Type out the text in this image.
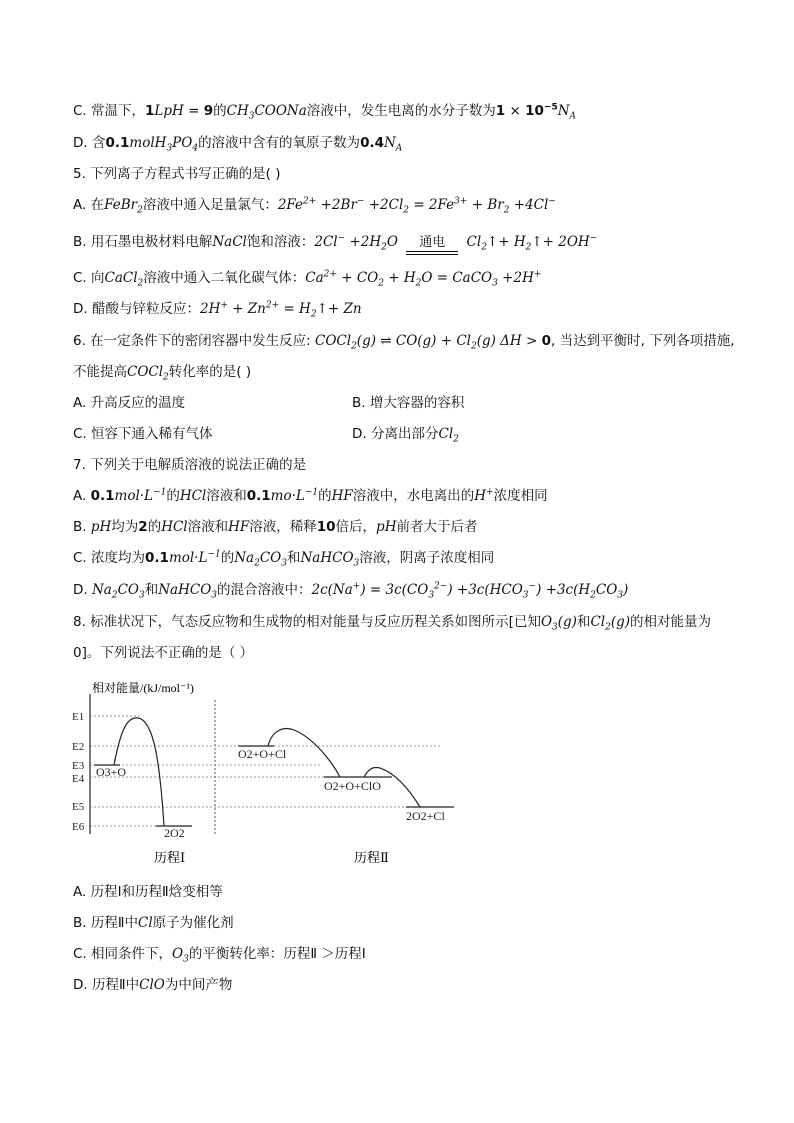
C. 常温下，1LpH = 9的$CH_3COONa$溶液中，发生电离的水分子数为$1 \times 10^{-5}N_A$
D. 含$0.1molH_3PO_4$的溶液中含有的氧原子数为$0.4N_A$
5. 下列离子方程式书写正确的是( )
A. 在FeBr$_2$溶液中通入足量氯气：$2Fe^{2+} +2Br^- +2Cl_2 = 2Fe^{3+} + Br_2 +4Cl^-$
B. 用石墨电极材料电解NaCl饱和溶液：$2Cl^- +2H_2O$	通电	$Cl_2↑+$ $H_2↑+ 2OH^-$
C. 向CaCl$_2$溶液中通入二氧化碳气体：$Ca^{2+} + CO_2 + H_2O$ = CaCO$_3$ +2H+
D. 醋酸与锌粒反应：$2H^+ + Zn^{2+}$ = $H_2↑+ Zn$
6. 在一定条件下的密闭容器中发生反应: COCl$_2$(g) ⇌ $CO(g) + Cl_2(g) \Delta H > 0$, 当达到平衡时, 下列各项措施,
不能提高COCl$_2$转化率的是( )
A. 升高反应的温度	B. 增大容器的容积
C. 恒容下通入稀有气体	D. 分离出部分$Cl_2$
7. 下列关于电解质溶液的说法正确的是
A. $0.1mol\cdot L^{-1}$的HCl溶液和$0.1mo\cdot L^{-1}$的HF溶液中，水电离出的H+浓度相同
B. pH均为2的HCl溶液和HF溶液，稀释10倍后，pH前者大于后者
C. 浓度均为$0.1mol\cdot L^{-1}$的$Na_2CO_3$和NaHCO$_3$溶液，阴离子浓度相同
D. $Na_2CO_3$和NaHCO$_3$的混合溶液中：$2c(Na^+) = 3c(CO_3^{2-}) +3c(HCO_3^-) +3c(H_2CO_3)$
8. 标准状况下，气态反应物和生成物的相对能量与反应历程关系如图所示[已知$O_3(g)$和$Cl_2(g)$的相对能量为
0]。下列说法不正确的是（ ）
相对能量/(kJ/mol⁻¹)
E1
E2
E3
E4
E5
E6
O3+O
2O2
O2+O+Cl
O2+O+ClO
2O2+Cl
历程Ⅰ	历程Ⅱ
A. 历程Ⅰ和历程Ⅱ焓变相等
B. 历程Ⅱ中Cl原子为催化剂
C. 相同条件下，$O_3$的平衡转化率：历程Ⅱ ＞历程Ⅰ
D. 历程Ⅱ中ClO为中间产物
